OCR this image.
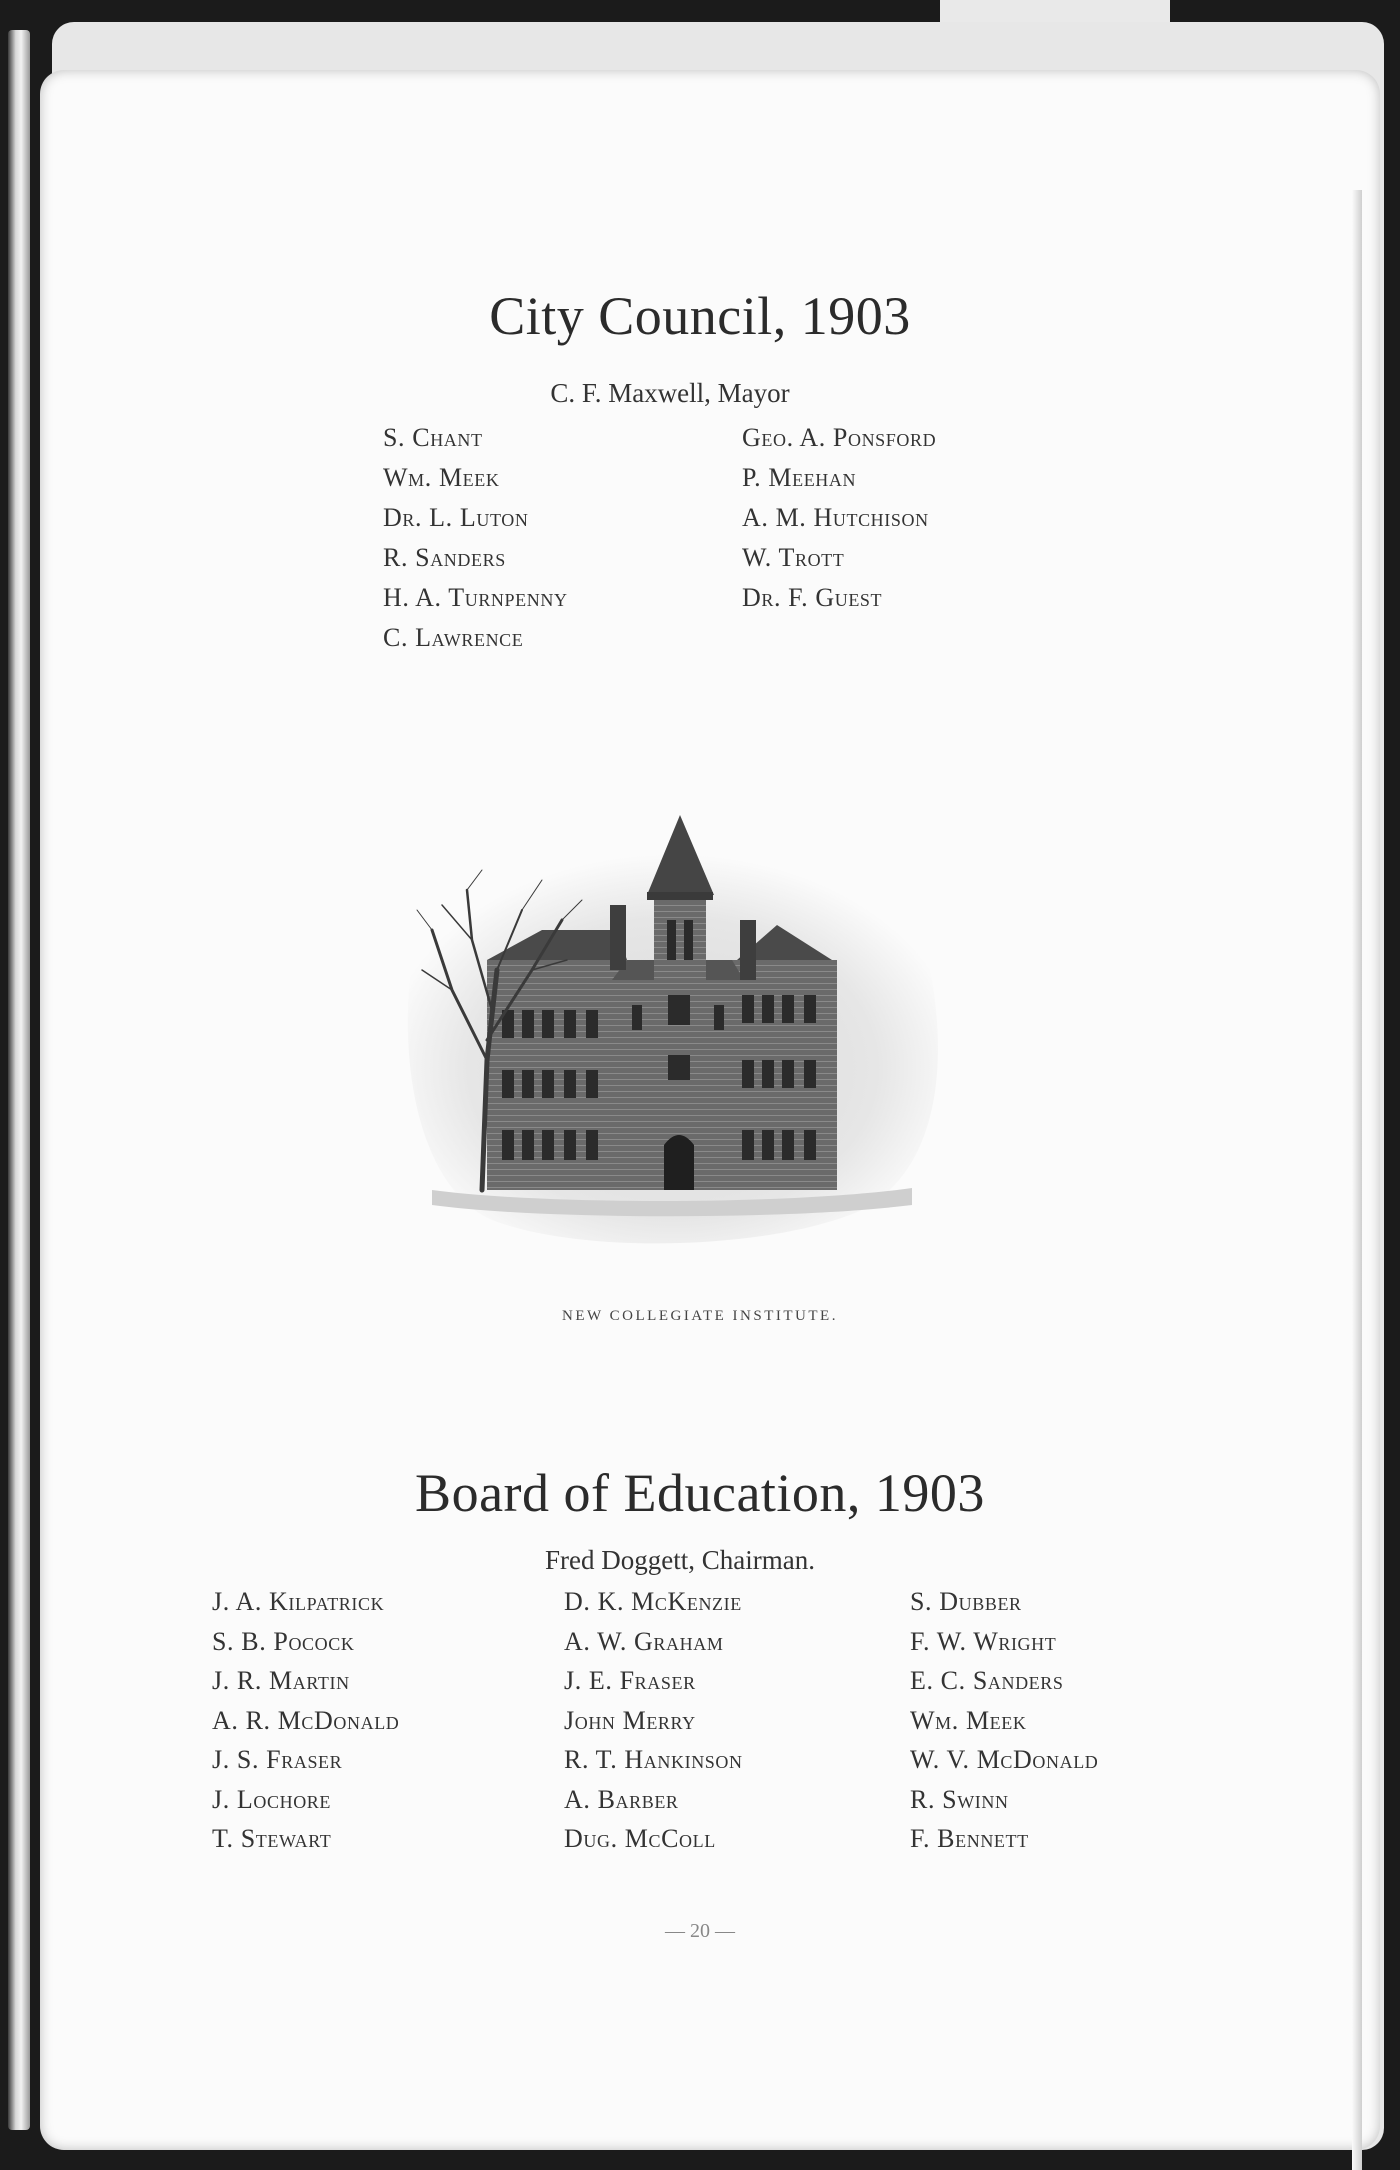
City Council, 1903
C. F. Maxwell, Mayor
S. Chant
Wm. Meek
Dr. L. Luton
R. Sanders
H. A. Turnpenny
C. Lawrence
Geo. A. Ponsford
P. Meehan
A. M. Hutchison
W. Trott
Dr. F. Guest
NEW COLLEGIATE INSTITUTE.
Board of Education, 1903
Fred Doggett, Chairman.
J. A. Kilpatrick
S. B. Pocock
J. R. Martin
A. R. McDonald
J. S. Fraser
J. Lochore
T. Stewart
D. K. McKenzie
A. W. Graham
J. E. Fraser
John Merry
R. T. Hankinson
A. Barber
Dug. McColl
S. Dubber
F. W. Wright
E. C. Sanders
Wm. Meek
W. V. McDonald
R. Swinn
F. Bennett
— 20 —
